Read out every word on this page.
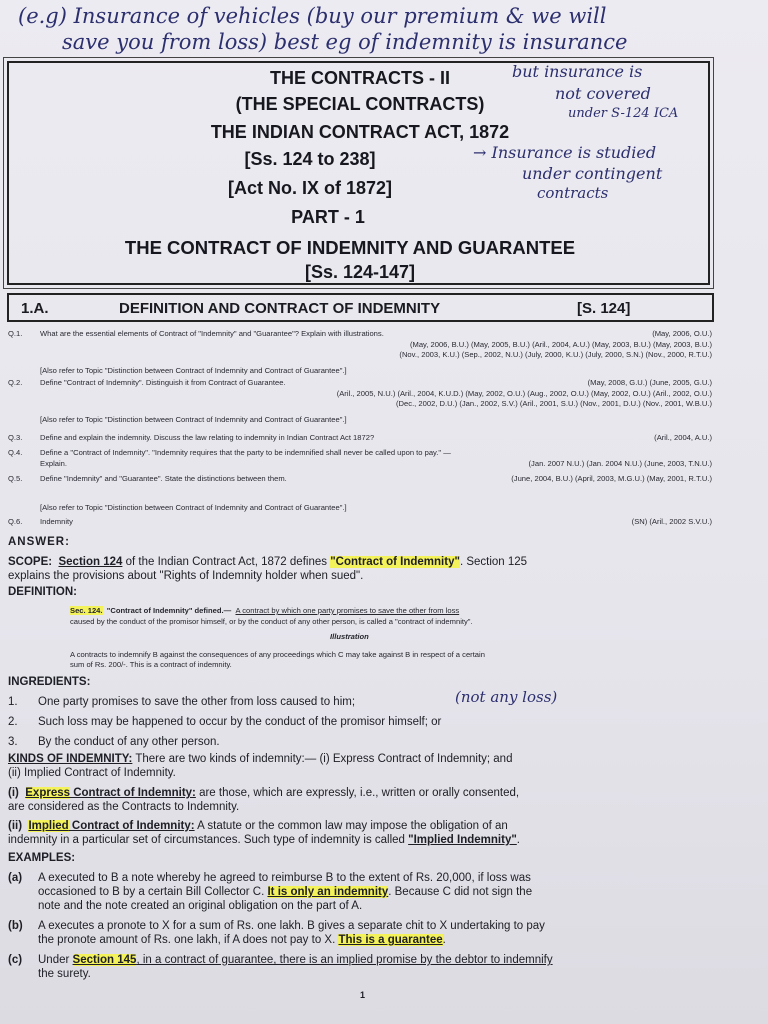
(e.g) Insurance of vehicles (buy our premium & we will
save you from loss) best eg of indemnity is insurance
THE CONTRACTS - II
(THE SPECIAL CONTRACTS)
THE INDIAN CONTRACT ACT, 1872
[Ss. 124 to 238]
[Act No. IX of 1872]
PART - 1
THE CONTRACT OF INDEMNITY AND GUARANTEE
[Ss. 124-147]
but insurance is
not covered
under S-124 ICA
→ Insurance is studied
under contingent
contracts
1.A.	DEFINITION AND CONTRACT OF INDEMNITY	[S. 124]
Q.1. What are the essential elements of Contract of "Indemnity" and "Guarantee"? Explain with illustrations.	(May, 2006, O.U.)
(May, 2006, B.U.) (May, 2005, B.U.) (Aril., 2004, A.U.) (May, 2003, B.U.) (May, 2003, B.U.)
(Nov., 2003, K.U.) (Sep., 2002, N.U.) (July, 2000, K.U.) (July, 2000, S.N.) (Nov., 2000, R.T.U.)
[Also refer to Topic "Distinction between Contract of Indemnity and Contract of Guarantee".]
Q.2. Define "Contract of Indemnity". Distinguish it from Contract of Guarantee.	(May, 2008, G.U.) (June, 2005, G.U.)
(Aril., 2005, N.U.) (Aril., 2004, K.U.D.) (May, 2002, O.U.) (Aug., 2002, O.U.) (May, 2002, O.U.) (Aril., 2002, O.U.)
(Dec., 2002, D.U.) (Jan., 2002, S.V.) (Aril., 2001, S.U.) (Nov., 2001, D.U.) (Nov., 2001, W.B.U.)
[Also refer to Topic "Distinction between Contract of Indemnity and Contract of Guarantee".]
Q.3. Define and explain the indemnity. Discuss the law relating to indemnity in Indian Contract Act 1872?	(Aril., 2004, A.U.)
Q.4. Define a "Contract of Indemnity". "Indemnity requires that the party to be indemnified shall never be called upon to pay." —
Explain.	(Jan. 2007 N.U.) (Jan. 2004 N.U.) (June, 2003, T.N.U.)
Q.5. Define "Indemnity" and "Guarantee". State the distinctions between them.	(June, 2004, B.U.) (April, 2003, M.G.U.) (May, 2001, R.T.U.)
[Also refer to Topic "Distinction between Contract of Indemnity and Contract of Guarantee".]
Q.6. Indemnity	(SN) (Aril., 2002 S.V.U.)
ANSWER:
SCOPE: Section 124 of the Indian Contract Act, 1872 defines "Contract of Indemnity". Section 125
explains the provisions about "Rights of Indemnity holder when sued".
DEFINITION:
Sec. 124. "Contract of Indemnity" defined.— A contract by which one party promises to save the other from loss
caused by the conduct of the promisor himself, or by the conduct of any other person, is called a "contract of indemnity".
Illustration
A contracts to indemnify B against the consequences of any proceedings which C may take against B in respect of a certain
sum of Rs. 200/-. This is a contract of indemnity.
INGREDIENTS:
1. One party promises to save the other from loss caused to him;
2. Such loss may be happened to occur by the conduct of the promisor himself; or
3. By the conduct of any other person.
(not any loss)
KINDS OF INDEMNITY: There are two kinds of indemnity:— (i) Express Contract of Indemnity; and
(ii) Implied Contract of Indemnity.
(i) Express Contract of Indemnity: are those, which are expressly, i.e., written or orally consented,
are considered as the Contracts to Indemnity.
(ii) Implied Contract of Indemnity: A statute or the common law may impose the obligation of an
indemnity in a particular set of circumstances. Such type of indemnity is called "Implied Indemnity".
EXAMPLES:
(a) A executed to B a note whereby he agreed to reimburse B to the extent of Rs. 20,000, if loss was
occasioned to B by a certain Bill Collector C. It is only an indemnity. Because C did not sign the
note and the note created an original obligation on the part of A.
(b) A executes a pronote to X for a sum of Rs. one lakh. B gives a separate chit to X undertaking to pay
the pronote amount of Rs. one lakh, if A does not pay to X. This is a guarantee.
(c) Under Section 145, in a contract of guarantee, there is an implied promise by the debtor to indemnify
the surety.
1
